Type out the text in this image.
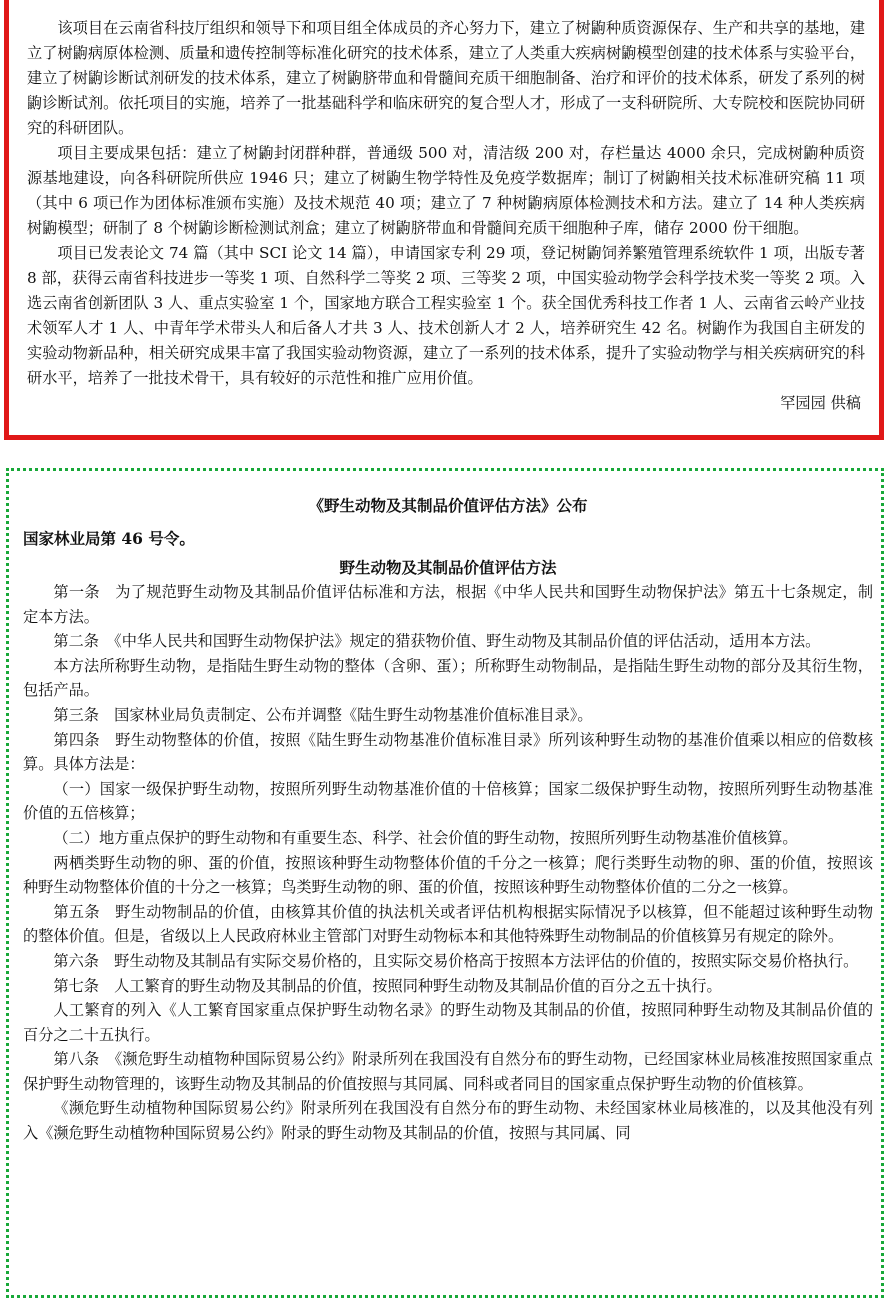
该项目在云南省科技厅组织和领导下和项目组全体成员的齐心努力下，建立了树鼩种质资源保存、生产和共享的基地，建立了树鼩病原体检测、质量和遗传控制等标准化研究的技术体系，建立了人类重大疾病树鼩模型创建的技术体系与实验平台，建立了树鼩诊断试剂研发的技术体系，建立了树鼩脐带血和骨髓间充质干细胞制备、治疗和评价的技术体系，研发了系列的树鼩诊断试剂。依托项目的实施，培养了一批基础科学和临床研究的复合型人才，形成了一支科研院所、大专院校和医院协同研究的科研团队。

项目主要成果包括：建立了树鼩封闭群种群，普通级 500 对，清洁级 200 对，存栏量达 4000 余只，完成树鼩种质资源基地建设，向各科研院所供应 1946 只；建立了树鼩生物学特性及免疫学数据库；制订了树鼩相关技术标准研究稿 11 项（其中 6 项已作为团体标准颁布实施）及技术规范 40 项；建立了 7 种树鼩病原体检测技术和方法。建立了 14 种人类疾病树鼩模型；研制了 8 个树鼩诊断检测试剂盒；建立了树鼩脐带血和骨髓间充质干细胞种子库，储存 2000 份干细胞。

项目已发表论文 74 篇（其中 SCI 论文 14 篇），申请国家专利 29 项，登记树鼩饲养繁殖管理系统软件 1 项，出版专著 8 部，获得云南省科技进步一等奖 1 项、自然科学二等奖 2 项、三等奖 2 项，中国实验动物学会科学技术奖一等奖 2 项。入选云南省创新团队 3 人、重点实验室 1 个，国家地方联合工程实验室 1 个。获全国优秀科技工作者 1 人、云南省云岭产业技术领军人才 1 人、中青年学术带头人和后备人才共 3 人、技术创新人才 2 人，培养研究生 42 名。树鼩作为我国自主研发的实验动物新品种，相关研究成果丰富了我国实验动物资源，建立了一系列的技术体系，提升了实验动物学与相关疾病研究的科研水平，培养了一批技术骨干，具有较好的示范性和推广应用价值。

罕园园 供稿

《野生动物及其制品价值评估方法》公布

国家林业局第 46 号令。

野生动物及其制品价值评估方法

第一条　为了规范野生动物及其制品价值评估标准和方法，根据《中华人民共和国野生动物保护法》第五十七条规定，制定本方法。

第二条　《中华人民共和国野生动物保护法》规定的猎获物价值、野生动物及其制品价值的评估活动，适用本方法。

本方法所称野生动物，是指陆生野生动物的整体（含卵、蛋）；所称野生动物制品，是指陆生野生动物的部分及其衍生物，包括产品。

第三条　国家林业局负责制定、公布并调整《陆生野生动物基准价值标准目录》。

第四条　野生动物整体的价值，按照《陆生野生动物基准价值标准目录》所列该种野生动物的基准价值乘以相应的倍数核算。具体方法是：

（一）国家一级保护野生动物，按照所列野生动物基准价值的十倍核算；国家二级保护野生动物，按照所列野生动物基准价值的五倍核算；

（二）地方重点保护的野生动物和有重要生态、科学、社会价值的野生动物，按照所列野生动物基准价值核算。

两栖类野生动物的卵、蛋的价值，按照该种野生动物整体价值的千分之一核算；爬行类野生动物的卵、蛋的价值，按照该种野生动物整体价值的十分之一核算；鸟类野生动物的卵、蛋的价值，按照该种野生动物整体价值的二分之一核算。

第五条　野生动物制品的价值，由核算其价值的执法机关或者评估机构根据实际情况予以核算，但不能超过该种野生动物的整体价值。但是，省级以上人民政府林业主管部门对野生动物标本和其他特殊野生动物制品的价值核算另有规定的除外。

第六条　野生动物及其制品有实际交易价格的，且实际交易价格高于按照本方法评估的价值的，按照实际交易价格执行。

第七条　人工繁育的野生动物及其制品的价值，按照同种野生动物及其制品价值的百分之五十执行。

人工繁育的列入《人工繁育国家重点保护野生动物名录》的野生动物及其制品的价值，按照同种野生动物及其制品价值的百分之二十五执行。

第八条　《濒危野生动植物种国际贸易公约》附录所列在我国没有自然分布的野生动物，已经国家林业局核准按照国家重点保护野生动物管理的，该野生动物及其制品的价值按照与其同属、同科或者同目的国家重点保护野生动物的价值核算。

《濒危野生动植物种国际贸易公约》附录所列在我国没有自然分布的野生动物、未经国家林业局核准的，以及其他没有列入《濒危野生动植物种国际贸易公约》附录的野生动物及其制品的价值，按照与其同属、同
